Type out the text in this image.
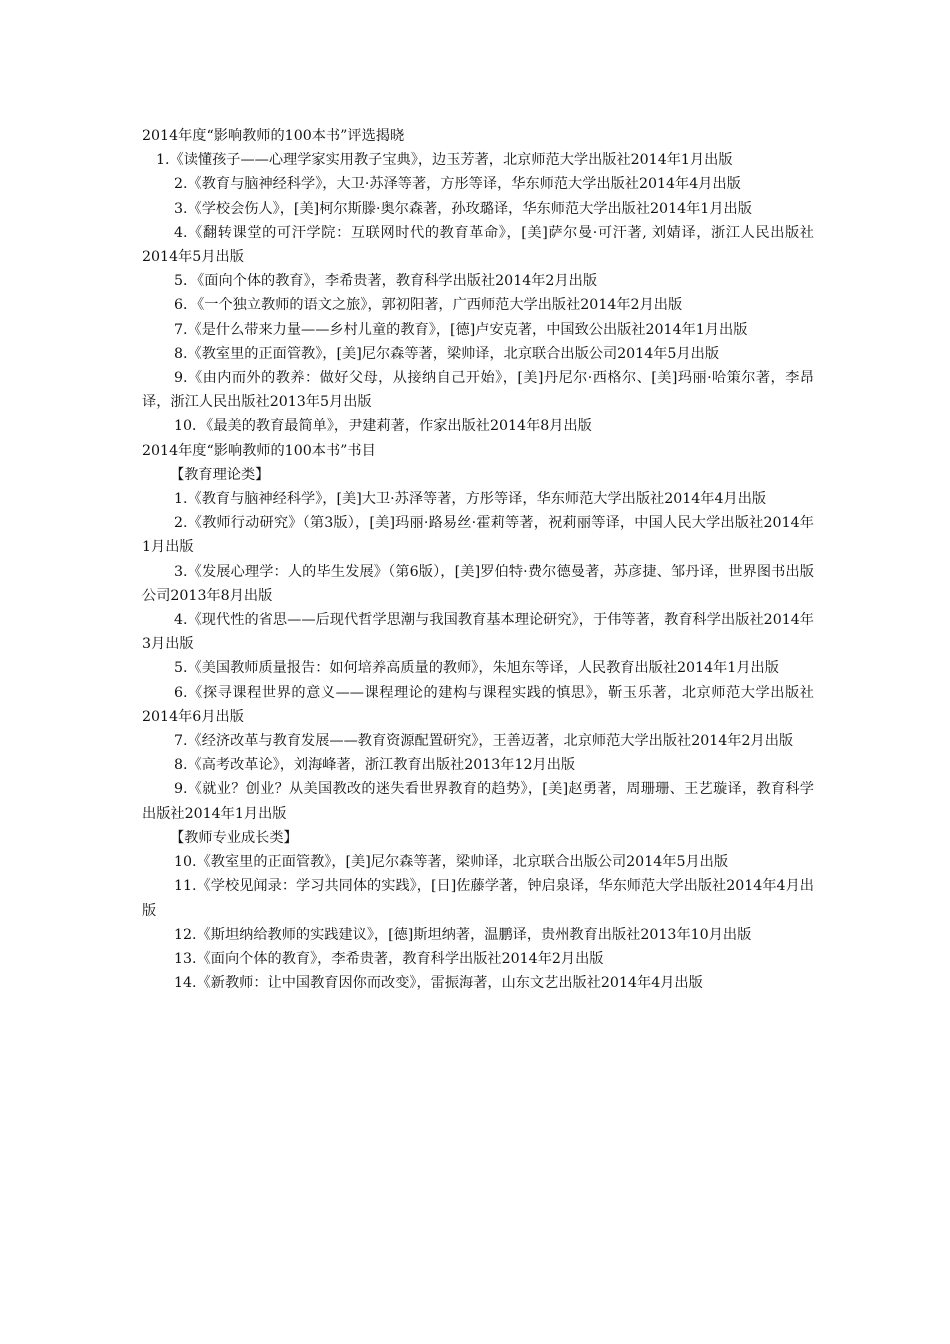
2014年度“影响教师的100本书”评选揭晓

1.《读懂孩子——心理学家实用教子宝典》，边玉芳著，北京师范大学出版社2014年1月出版

2.《教育与脑神经科学》，大卫·苏泽等著，方彤等译，华东师范大学出版社2014年4月出版

3.《学校会伤人》，[美]柯尔斯滕·奥尔森著，孙玫璐译，华东师范大学出版社2014年1月出版

4.《翻转课堂的可汗学院：互联网时代的教育革命》，[美]萨尔曼·可汗著, 刘婧译，浙江人民出版社2014年5月出版

5．《面向个体的教育》，李希贵著，教育科学出版社2014年2月出版

6．《一个独立教师的语文之旅》，郭初阳著，广西师范大学出版社2014年2月出版

7.《是什么带来力量——乡村儿童的教育》，[德]卢安克著，中国致公出版社2014年1月出版

8.《教室里的正面管教》，[美]尼尔森等著，梁帅译，北京联合出版公司2014年5月出版

9.《由内而外的教养：做好父母，从接纳自己开始》，[美]丹尼尔·西格尔、[美]玛丽·哈策尔著，李昂译，浙江人民出版社2013年5月出版

10．《最美的教育最简单》，尹建莉著，作家出版社2014年8月出版

2014年度“影响教师的100本书”书目

【教育理论类】

1.《教育与脑神经科学》，[美]大卫·苏泽等著，方彤等译，华东师范大学出版社2014年4月出版

2.《教师行动研究》（第3版），[美]玛丽·路易丝·霍莉等著，祝莉丽等译，中国人民大学出版社2014年1月出版

3.《发展心理学：人的毕生发展》（第6版），[美]罗伯特·费尔德曼著，苏彦捷、邹丹译，世界图书出版公司2013年8月出版

4.《现代性的省思——后现代哲学思潮与我国教育基本理论研究》，于伟等著，教育科学出版社2014年3月出版

5.《美国教师质量报告：如何培养高质量的教师》，朱旭东等译，人民教育出版社2014年1月出版

6.《探寻课程世界的意义——课程理论的建构与课程实践的慎思》，靳玉乐著，北京师范大学出版社2014年6月出版

7.《经济改革与教育发展——教育资源配置研究》，王善迈著，北京师范大学出版社2014年2月出版

8.《高考改革论》，刘海峰著，浙江教育出版社2013年12月出版

9.《就业？创业？从美国教改的迷失看世界教育的趋势》，[美]赵勇著，周珊珊、王艺璇译，教育科学出版社2014年1月出版

【教师专业成长类】

10.《教室里的正面管教》，[美]尼尔森等著，梁帅译，北京联合出版公司2014年5月出版

11.《学校见闻录：学习共同体的实践》，[日]佐藤学著，钟启泉译，华东师范大学出版社2014年4月出版

12.《斯坦纳给教师的实践建议》，[德]斯坦纳著，温鹏译，贵州教育出版社2013年10月出版

13.《面向个体的教育》，李希贵著，教育科学出版社2014年2月出版

14.《新教师：让中国教育因你而改变》，雷振海著，山东文艺出版社2014年4月出版
